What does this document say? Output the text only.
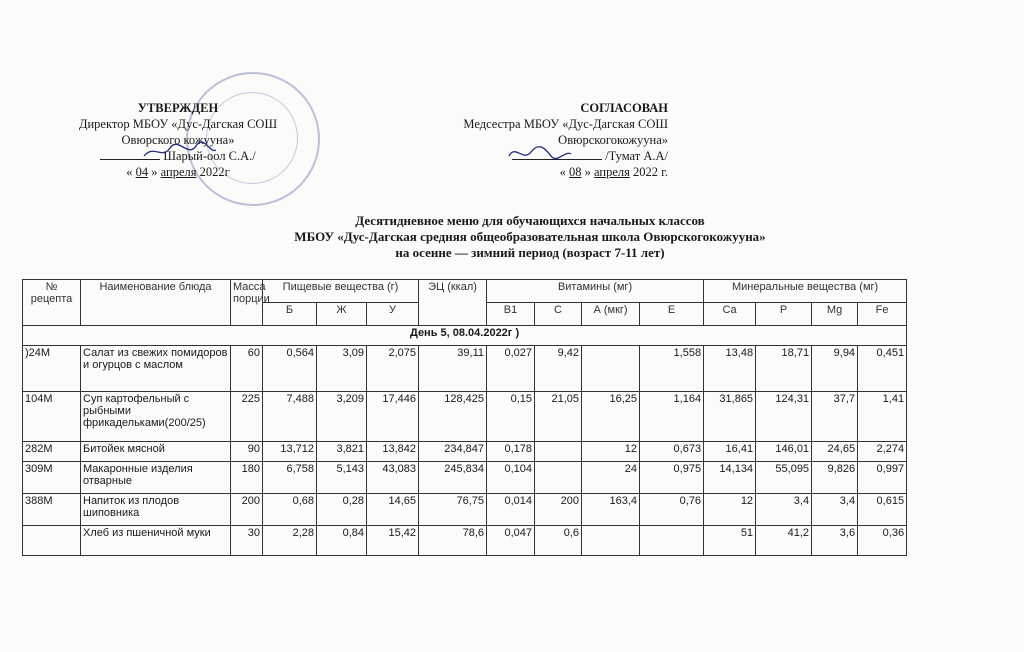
УТВЕРЖДЕН
Директор МБОУ «Дус-Дагская СОШ
Овюрского кожууна»
Шарый-оол С.А./
« 04 » апреля 2022г
СОГЛАСОВАН
Медсестра МБОУ «Дус-Дагская СОШ
Овюрскогокожууна»
/Тумат А.А/
« 08 » апреля 2022 г.
Десятидневное меню для обучающихся начальных классов
МБОУ «Дус-Дагская средняя общеобразовательная школа Овюрскогокожууна»
на осенне — зимний период (возраст 7-11 лет)
№ рецепта	Наименование блюда	Масса порции	Пищевые вещества (г)			ЭЦ (ккал)	Витамины (мг)				Минеральные вещества (мг)			
			Б	Ж	У		В1	С	А (мкг)	Е	Ca	P	Mg	Fe
День 5, 08.04.2022г )														
)24М	Салат из свежих помидоров и огурцов с маслом	60	0,564	3,09	2,075	39,11	0,027	9,42		1,558	13,48	18,71	9,94	0,451
104М	Суп картофельный с рыбными фрикадельками(200/25)	225	7,488	3,209	17,446	128,425	0,15	21,05	16,25	1,164	31,865	124,31	37,7	1,41
282М	Битойек мясной	90	13,712	3,821	13,842	234,847	0,178		12	0,673	16,41	146,01	24,65	2,274
309М	Макаронные изделия отварные	180	6,758	5,143	43,083	245,834	0,104		24	0,975	14,134	55,095	9,826	0,997
388М	Напиток из плодов шиповника	200	0,68	0,28	14,65	76,75	0,014	200	163,4	0,76	12	3,4	3,4	0,615
	Хлеб из пшеничной муки	30	2,28	0,84	15,42	78,6	0,047	0,6			51	41,2	3,6	0,36
